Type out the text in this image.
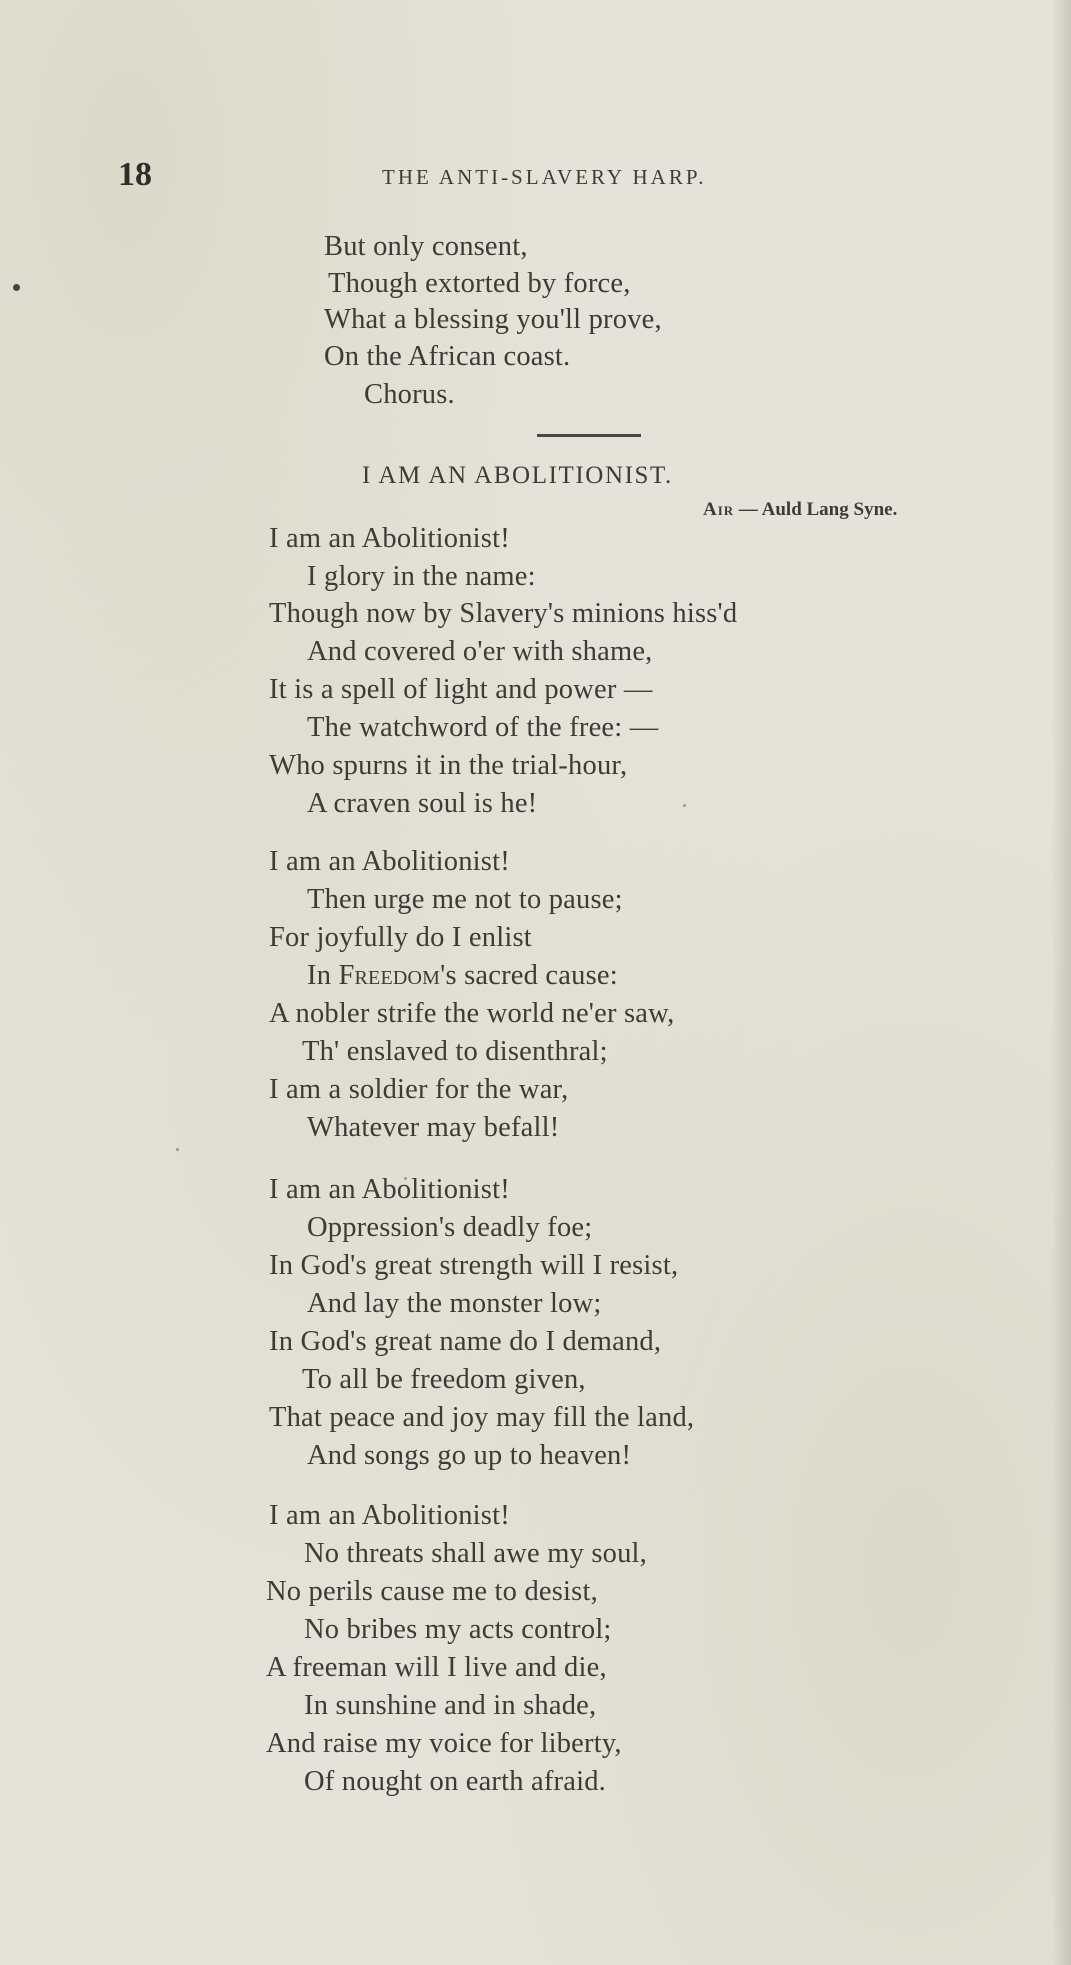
18	THE ANTI-SLAVERY HARP.
But only consent,
Though extorted by force,
What a blessing you'll prove,
On the African coast.
Chorus.
I AM AN ABOLITIONIST.
Air — Auld Lang Syne.
I am an Abolitionist!
I glory in the name:
Though now by Slavery's minions hiss'd
And covered o'er with shame,
It is a spell of light and power —
The watchword of the free: —
Who spurns it in the trial-hour,
A craven soul is he!
I am an Abolitionist!
Then urge me not to pause;
For joyfully do I enlist
In Freedom's sacred cause:
A nobler strife the world ne'er saw,
Th' enslaved to disenthral;
I am a soldier for the war,
Whatever may befall!
I am an Abolitionist!
Oppression's deadly foe;
In God's great strength will I resist,
And lay the monster low;
In God's great name do I demand,
To all be freedom given,
That peace and joy may fill the land,
And songs go up to heaven!
I am an Abolitionist!
No threats shall awe my soul,
No perils cause me to desist,
No bribes my acts control;
A freeman will I live and die,
In sunshine and in shade,
And raise my voice for liberty,
Of nought on earth afraid.
